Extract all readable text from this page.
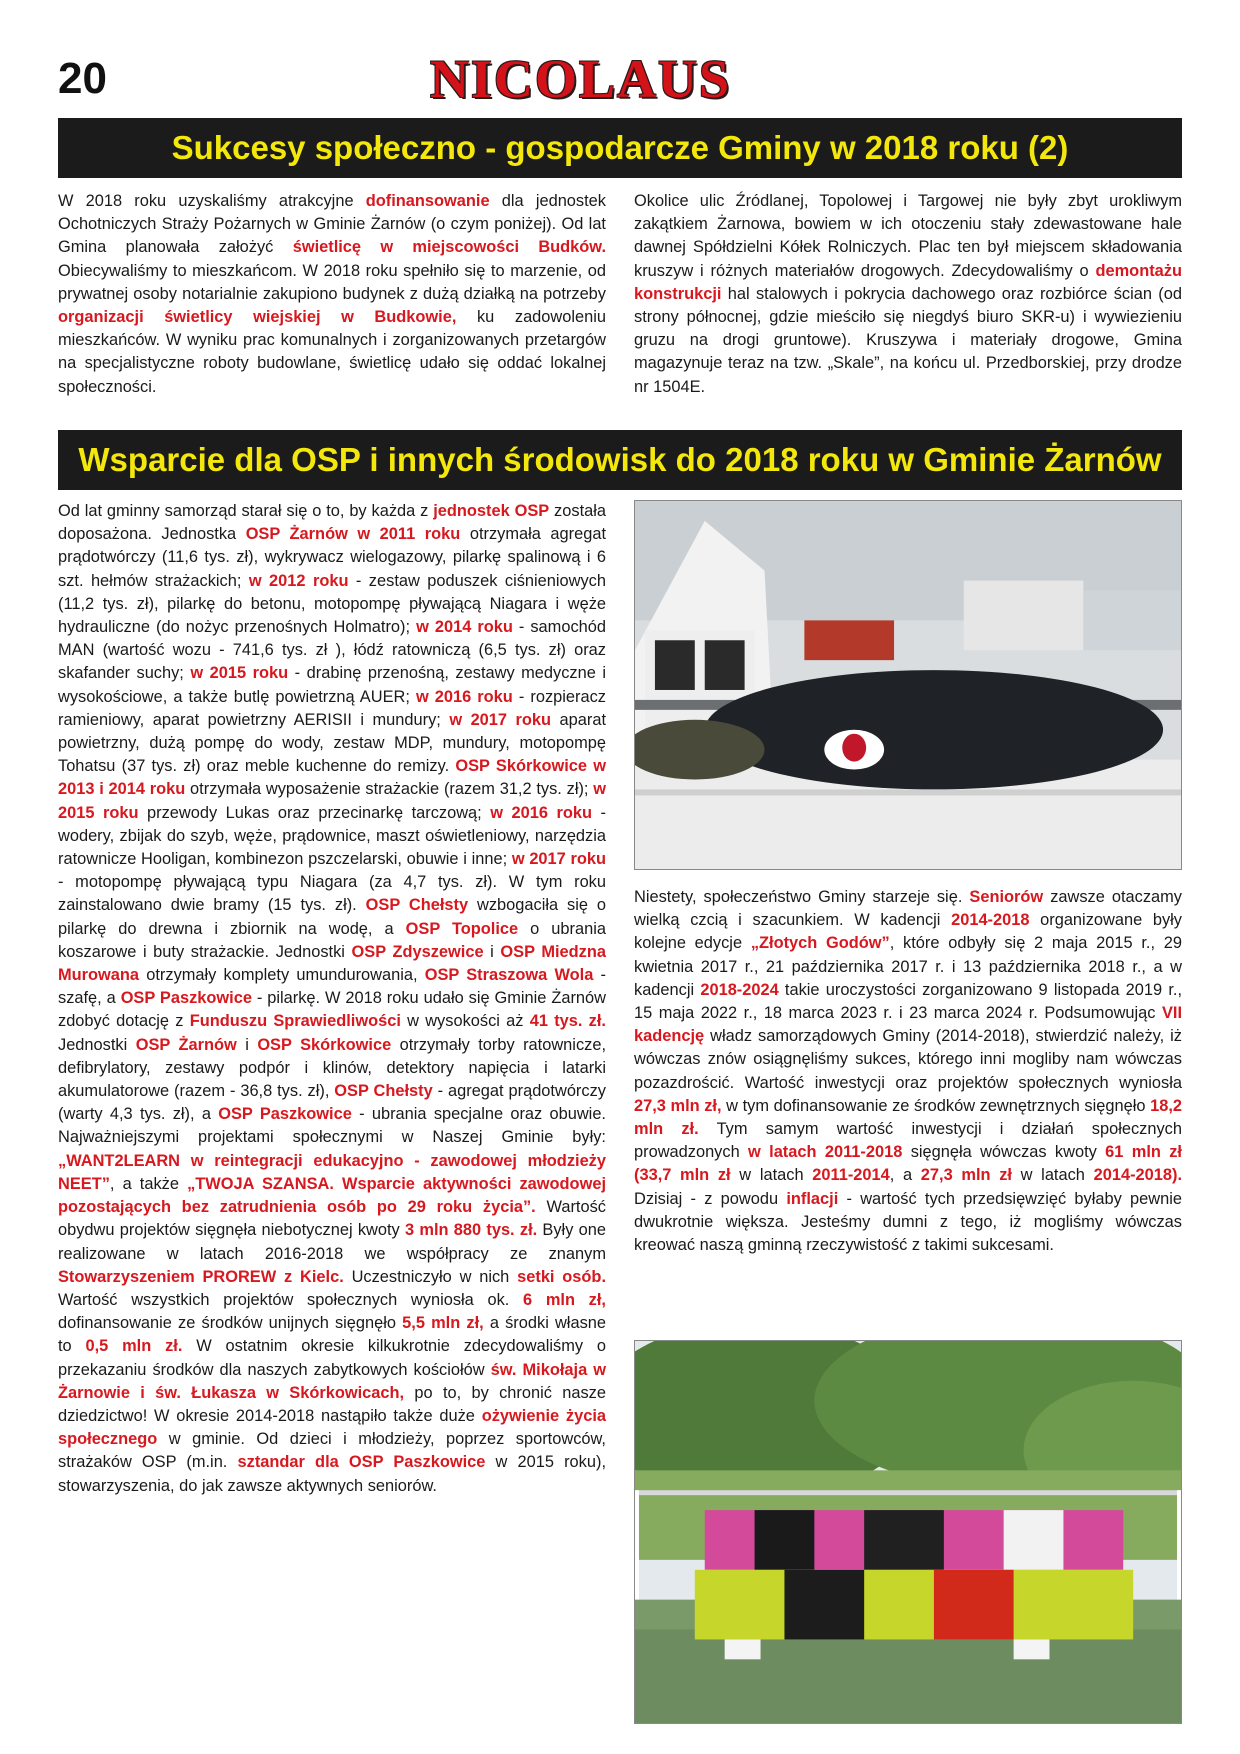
20	NICOLAUS
Sukcesy społeczno - gospodarcze Gminy w 2018 roku (2)
W 2018 roku uzyskaliśmy atrakcyjne dofinansowanie dla jednostek Ochotniczych Straży Pożarnych w Gminie Żarnów (o czym poniżej). Od lat Gmina planowała założyć świetlicę w miejscowości Budków. Obiecywaliśmy to mieszkańcom. W 2018 roku spełniło się to marzenie, od prywatnej osoby notarialnie zakupiono budynek z dużą działką na potrzeby organizacji świetlicy wiejskiej w Budkowie, ku zadowoleniu mieszkańców. W wyniku prac komunalnych i zorganizowanych przetargów na specjalistyczne roboty budowlane, świetlicę udało się oddać lokalnej społeczności.
Okolice ulic Źródlanej, Topolowej i Targowej nie były zbyt urokliwym zakątkiem Żarnowa, bowiem w ich otoczeniu stały zdewastowane hale dawnej Spółdzielni Kółek Rolniczych. Plac ten był miejscem składowania kruszyw i różnych materiałów drogowych. Zdecydowaliśmy o demontażu konstrukcji hal stalowych i pokrycia dachowego oraz rozbiórce ścian (od strony północnej, gdzie mieściło się niegdyś biuro SKR-u) i wywiezieniu gruzu na drogi gruntowe). Kruszywa i materiały drogowe, Gmina magazynuje teraz na tzw. „Skale”, na końcu ul. Przedborskiej, przy drodze nr 1504E.
Wsparcie dla OSP i innych środowisk do 2018 roku w Gminie Żarnów
Od lat gminny samorząd starał się o to, by każda z jednostek OSP została doposażona. Jednostka OSP Żarnów w 2011 roku otrzymała agregat prądotwórczy (11,6 tys. zł), wykrywacz wielogazowy, pilarkę spalinową i 6 szt. hełmów strażackich; w 2012 roku - zestaw poduszek ciśnieniowych (11,2 tys. zł), pilarkę do betonu, motopompę pływającą Niagara i węże hydrauliczne (do nożyc przenośnych Holmatro); w 2014 roku - samochód MAN (wartość wozu - 741,6 tys. zł ), łódź ratowniczą (6,5 tys. zł) oraz skafander suchy; w 2015 roku - drabinę przenośną, zestawy medyczne i wysokościowe, a także butlę powietrzną AUER; w 2016 roku - rozpieracz ramieniowy, aparat powietrzny AERISII i mundury; w 2017 roku aparat powietrzny, dużą pompę do wody, zestaw MDP, mundury, motopompę Tohatsu (37 tys. zł) oraz meble kuchenne do remizy. OSP Skórkowice w 2013 i 2014 roku otrzymała wyposażenie strażackie (razem 31,2 tys. zł); w 2015 roku przewody Lukas oraz przecinarkę tarczową; w 2016 roku - wodery, zbijak do szyb, węże, prądownice, maszt oświetleniowy, narzędzia ratownicze Hooligan, kombinezon pszczelarski, obuwie i inne; w 2017 roku - motopompę pływającą typu Niagara (za 4,7 tys. zł). W tym roku zainstalowano dwie bramy (15 tys. zł). OSP Chełsty wzbogaciła się o pilarkę do drewna i zbiornik na wodę, a OSP Topolice o ubrania koszarowe i buty strażackie. Jednostki OSP Zdyszewice i OSP Miedzna Murowana otrzymały komplety umundurowania, OSP Straszowa Wola - szafę, a OSP Paszkowice - pilarkę. W 2018 roku udało się Gminie Żarnów zdobyć dotację z Funduszu Sprawiedliwości w wysokości aż 41 tys. zł. Jednostki OSP Żarnów i OSP Skórkowice otrzymały torby ratownicze, defibrylatory, zestawy podpór i klinów, detektory napięcia i latarki akumulatorowe (razem - 36,8 tys. zł), OSP Chełsty - agregat prądotwórczy (warty 4,3 tys. zł), a OSP Paszkowice - ubrania specjalne oraz obuwie. Najważniejszymi projektami społecznymi w Naszej Gminie były: „WANT2LEARN w reintegracji edukacyjno - zawodowej młodzieży NEET”, a także „TWOJA SZANSA. Wsparcie aktywności zawodowej pozostających bez zatrudnienia osób po 29 roku życia”. Wartość obydwu projektów sięgnęła niebotycznej kwoty 3 mln 880 tys. zł. Były one realizowane w latach 2016-2018 we współpracy ze znanym Stowarzyszeniem PROREW z Kielc. Uczestniczyło w nich setki osób. Wartość wszystkich projektów społecznych wyniosła ok. 6 mln zł, dofinansowanie ze środków unijnych sięgnęło 5,5 mln zł, a środki własne to 0,5 mln zł. W ostatnim okresie kilkukrotnie zdecydowaliśmy o przekazaniu środków dla naszych zabytkowych kościołów św. Mikołaja w Żarnowie i św. Łukasza w Skórkowicach, po to, by chronić nasze dziedzictwo! W okresie 2014-2018 nastąpiło także duże ożywienie życia społecznego w gminie. Od dzieci i młodzieży, poprzez sportowców, strażaków OSP (m.in. sztandar dla OSP Paszkowice w 2015 roku), stowarzyszenia, do jak zawsze aktywnych seniorów.
Niestety, społeczeństwo Gminy starzeje się. Seniorów zawsze otaczamy wielką czcią i szacunkiem. W kadencji 2014-2018 organizowane były kolejne edycje „Złotych Godów”, które odbyły się 2 maja 2015 r., 29 kwietnia 2017 r., 21 października 2017 r. i 13 października 2018 r., a w kadencji 2018-2024 takie uroczystości zorganizowano 9 listopada 2019 r., 15 maja 2022 r., 18 marca 2023 r. i 23 marca 2024 r. Podsumowując VII kadencję władz samorządowych Gminy (2014-2018), stwierdzić należy, iż wówczas znów osiągnęliśmy sukces, którego inni mogliby nam wówczas pozazdrościć. Wartość inwestycji oraz projektów społecznych wyniosła 27,3 mln zł, w tym dofinansowanie ze środków zewnętrznych sięgnęło 18,2 mln zł. Tym samym wartość inwestycji i działań społecznych prowadzonych w latach 2011-2018 sięgnęła wówczas kwoty 61 mln zł (33,7 mln zł w latach 2011-2014, a 27,3 mln zł w latach 2014-2018). Dzisiaj - z powodu inflacji - wartość tych przedsięwzięć byłaby pewnie dwukrotnie większa. Jesteśmy dumni z tego, iż mogliśmy wówczas kreować naszą gminną rzeczywistość z takimi sukcesami.
